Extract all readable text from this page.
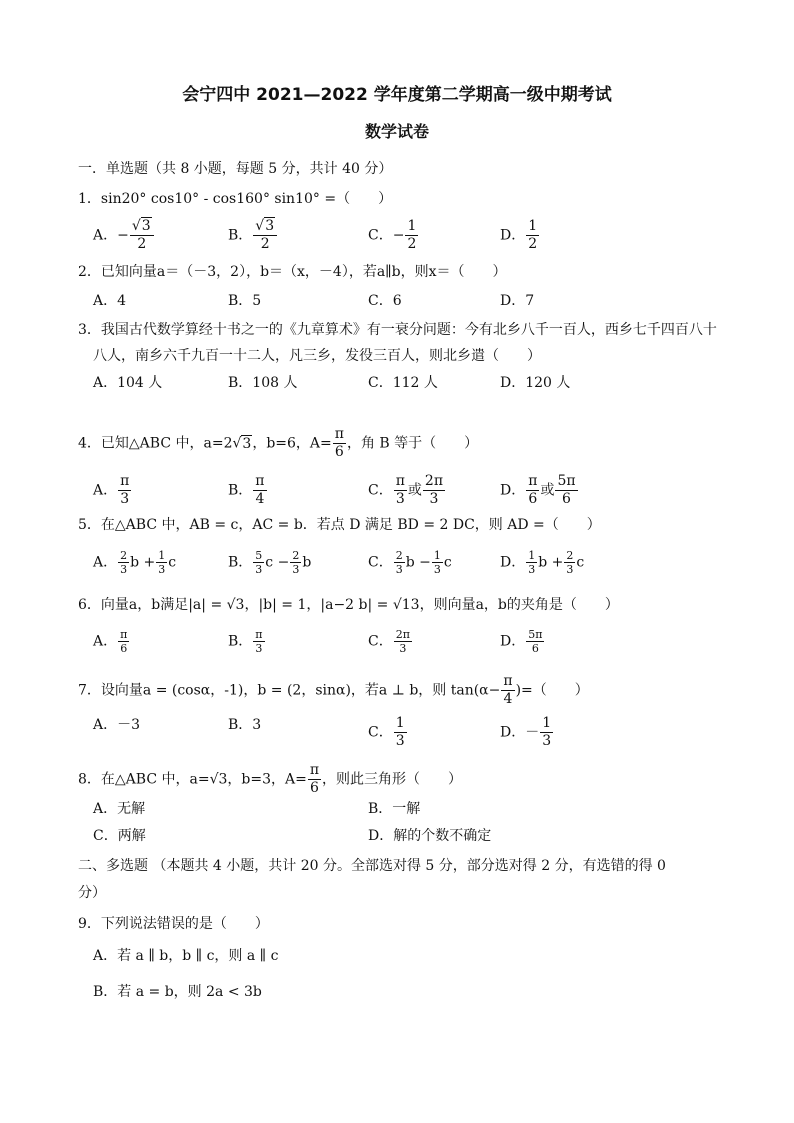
会宁四中 2021—2022 学年度第二学期高一级中期考试
数学试卷
一．单选题（共 8 小题，每题 5 分，共计 40 分）
1．sin20° cos10° - cos160° sin10° =（　　）
A．− $\frac{√3}{2}$	B． $\frac{√3}{2}$	C．− $\frac{1}{2}$	D． $\frac{1}{2}$
2．已知向量a＝（－3，2），b＝（x，－4），若a∥b，则x＝（　　）
A．4	B．5	C．6	D．7
3．我国古代数学算经十书之一的《九章算术》有一衰分问题：今有北乡八千一百人，西乡七千四百八十
八人，南乡六千九百一十二人，凡三乡，发役三百人，则北乡遣（　　）
A．104 人	B．108 人	C．112 人	D．120 人
4．已知△ABC 中，a=2√3，b=6，$A= \frac{\pi}{6}$ ，角 B 等于（　　）
A． $\frac{\pi}{3}$	B． $\frac{\pi}{4}$	C． $\frac{\pi}{3}$ 或 $\frac{2\pi}{3}$	D． $\frac{\pi}{6}$ 或 $\frac{5\pi}{6}$
5．在△ABC 中，AB = c，AC = b．若点 D 满足 BD = 2 DC，则 AD =（　　）
A． $\frac{2}{3}$ $b + \frac{1}{3}$ c	B． $\frac{5}{3}$ $c - \frac{2}{3}$ b	C． $\frac{2}{3}$ $b - \frac{1}{3}$ c	D． $\frac{1}{3}$ $b + \frac{2}{3}$ c
6．向量a，b满足|a| = √3，|b| = 1，|a−2 b| = √13，则向量a，b的夹角是（　　）
A． $\frac{\pi}{6}$	B． $\frac{\pi}{3}$	C． $\frac{2\pi}{3}$	D． $\frac{5\pi}{6}$
7．设向量a = (cosα，-1)，b = (2，sinα)，若a ⊥ b，则 $\tan(\alpha- \frac{\pi}{4}$ )=（　　）
A．－3	B．3	C． $\frac{1}{3}$	D．－ $\frac{1}{3}$
8．在△ABC 中，a=√3，b=3，$A= \frac{\pi}{6}$ ，则此三角形（　　）
A．无解	B．一解
C．两解	D．解的个数不确定
二、多选题 （本题共 4 小题，共计 20 分。全部选对得 5 分，部分选对得 2 分，有选错的得 0
分）
9．下列说法错误的是（　　）
A．若 a ∥ b，b ∥ c，则 a ∥ c
B．若 a = b，则 2a < 3b
